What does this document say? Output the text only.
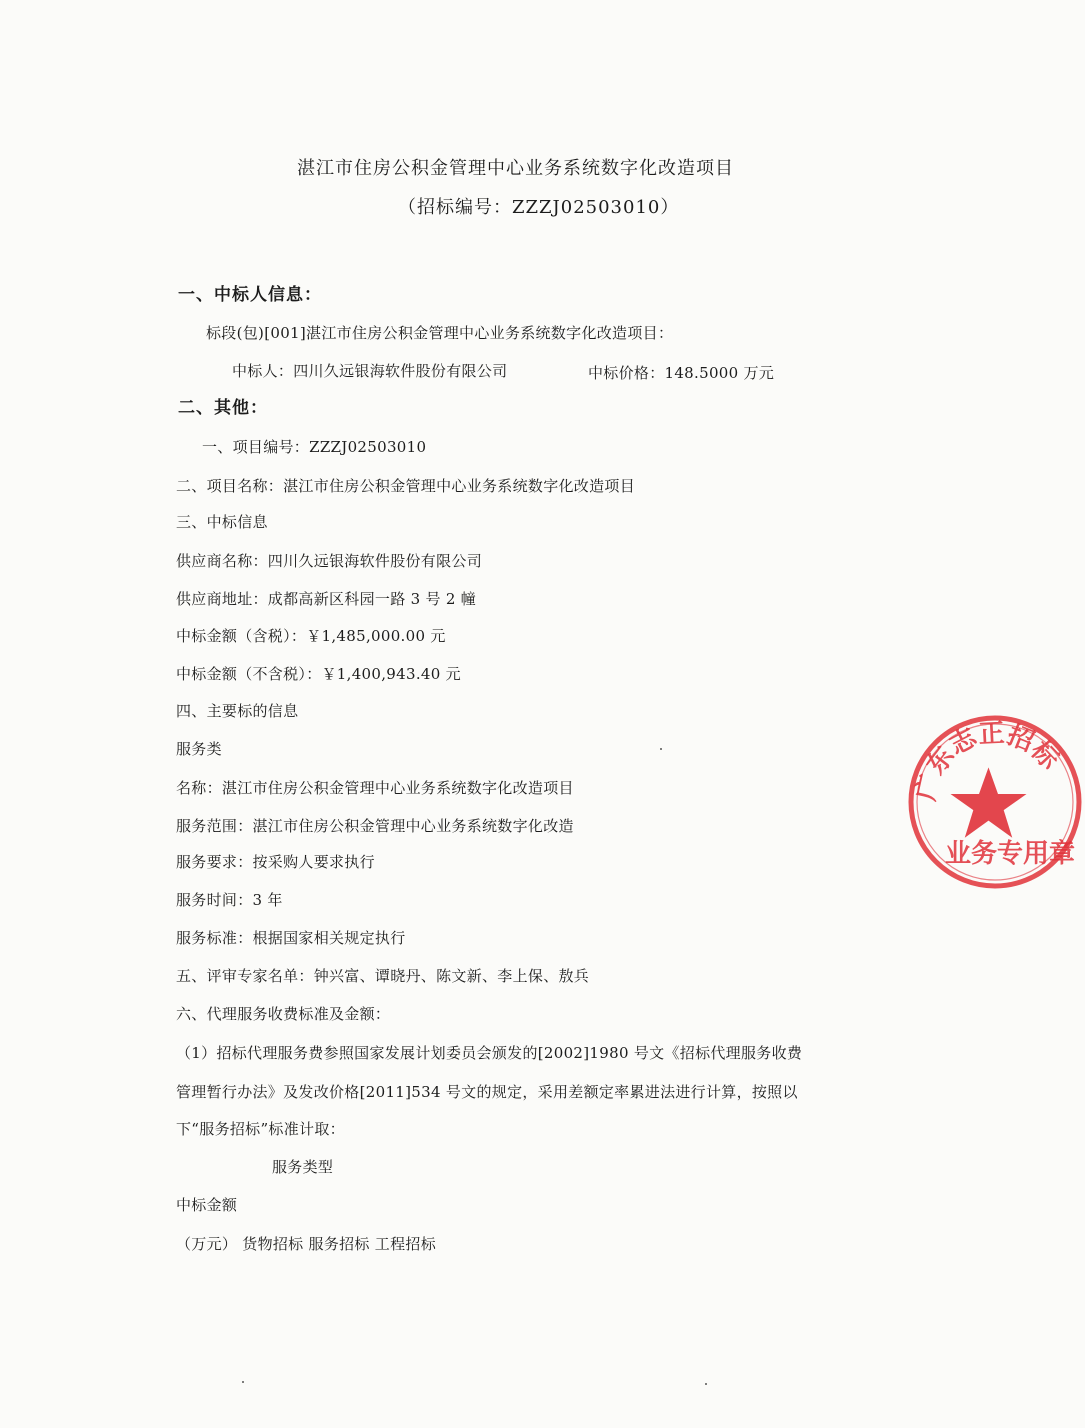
湛江市住房公积金管理中心业务系统数字化改造项目
（招标编号：ZZZJ02503010）
一、中标人信息：
标段(包)[001]湛江市住房公积金管理中心业务系统数字化改造项目：
中标人：四川久远银海软件股份有限公司	中标价格：148.5000 万元
二、其他：
一、项目编号：ZZZJ02503010
二、项目名称：湛江市住房公积金管理中心业务系统数字化改造项目
三、中标信息
供应商名称：四川久远银海软件股份有限公司
供应商地址：成都高新区科园一路 3 号 2 幢
中标金额（含税）：￥1,485,000.00 元
中标金额（不含税）：￥1,400,943.40 元
四、主要标的信息
服务类
名称：湛江市住房公积金管理中心业务系统数字化改造项目
服务范围：湛江市住房公积金管理中心业务系统数字化改造
服务要求：按采购人要求执行
服务时间：3 年
服务标准：根据国家相关规定执行
五、评审专家名单：钟兴富、谭晓丹、陈文新、李上保、敖兵
六、代理服务收费标准及金额：
（1）招标代理服务费参照国家发展计划委员会颁发的[2002]1980 号文《招标代理服务收费
管理暂行办法》及发改价格[2011]534 号文的规定，采用差额定率累进法进行计算，按照以
下“服务招标”标准计取：
服务类型
中标金额
（万元） 货物招标 服务招标 工程招标
广东志正招标
业务专用章
